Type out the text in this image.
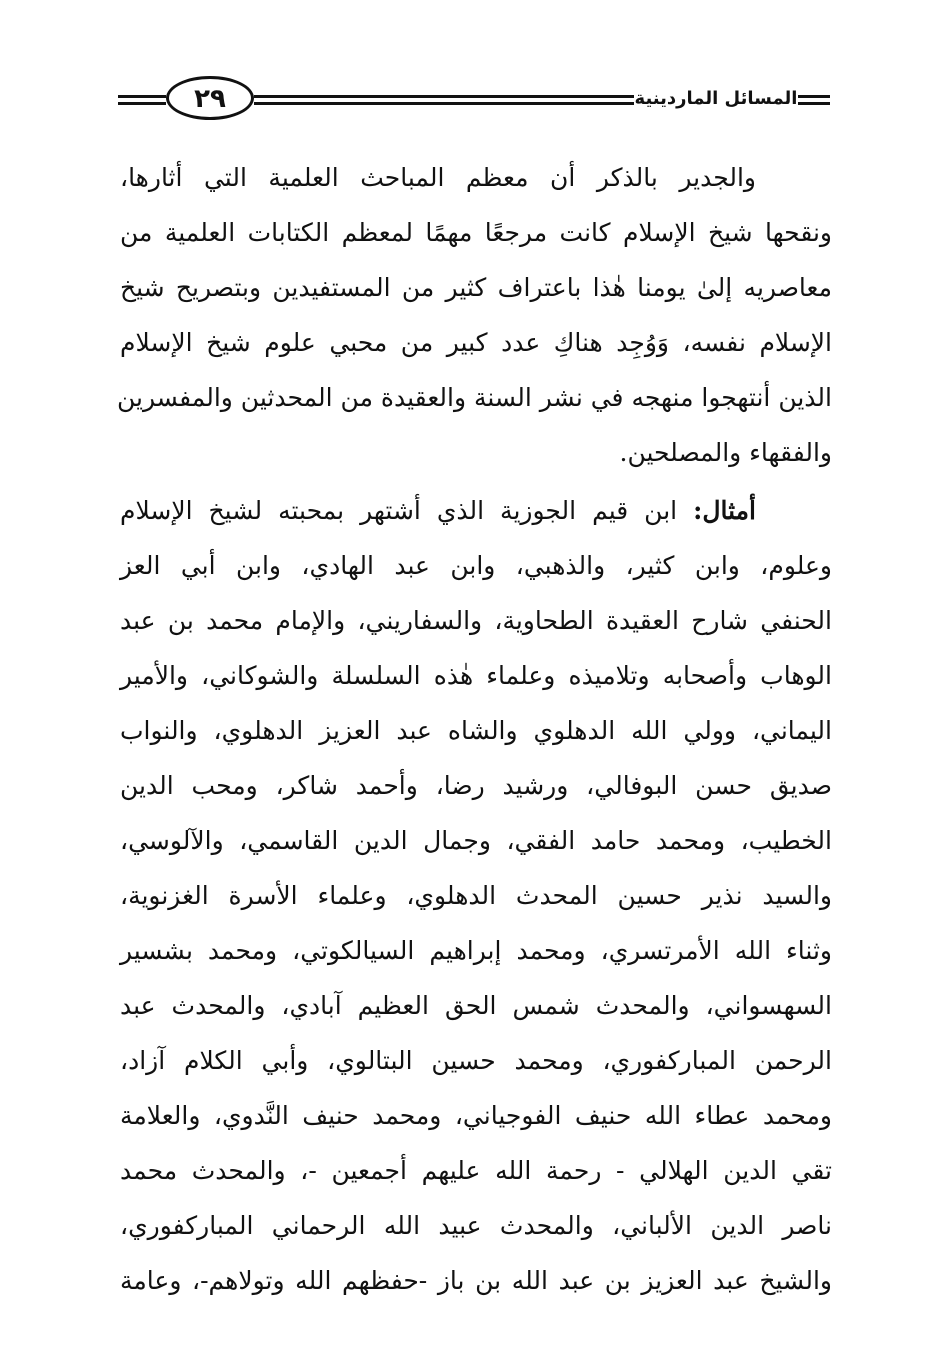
٢٩	المسائل الماردينية
والجدير بالذكر أن معظم المباحث العلمية التي أثارها،
ونقحها شيخ الإسلام كانت مرجعًا مهمًا لمعظم الكتابات العلمية من
معاصريه إلىٰ يومنا هٰذا باعتراف كثير من المستفيدين وبتصريح شيخ
الإسلام نفسه، وَوُجِد هناكِ عدد كبير من محبي علوم شيخ الإسلام
الذين أنتهجوا منهجه في نشر السنة والعقيدة من المحدثين والمفسرين
والفقهاء والمصلحين.
أمثال: ابن قيم الجوزية الذي أشتهر بمحبته لشيخ الإسلام
وعلوم، وابن كثير، والذهبي، وابن عبد الهادي، وابن أبي العز
الحنفي شارح العقيدة الطحاوية، والسفاريني، والإمام محمد بن عبد
الوهاب وأصحابه وتلاميذه وعلماء هٰذه السلسلة والشوكاني، والأمير
اليماني، وولي الله الدهلوي والشاه عبد العزيز الدهلوي، والنواب
صديق حسن البوفالي، ورشيد رضا، وأحمد شاكر، ومحب الدين
الخطيب، ومحمد حامد الفقي، وجمال الدين القاسمي، والآلوسي،
والسيد نذير حسين المحدث الدهلوي، وعلماء الأسرة الغزنوية،
وثناء الله الأمرتسري، ومحمد إبراهيم السيالكوتي، ومحمد بشسير
السهسواني، والمحدث شمس الحق العظيم آبادي، والمحدث عبد
الرحمن المباركفوري، ومحمد حسين البتالوي، وأبي الكلام آزاد،
ومحمد عطاء الله حنيف الفوجياني، ومحمد حنيف النَّدوي، والعلامة
تقي الدين الهلالي - رحمة الله عليهم أجمعين -، والمحدث محمد
ناصر الدين الألباني، والمحدث عبيد الله الرحماني المباركفوري،
والشيخ عبد العزيز بن عبد الله بن باز -حفظهم الله وتولاهم-، وعامة
